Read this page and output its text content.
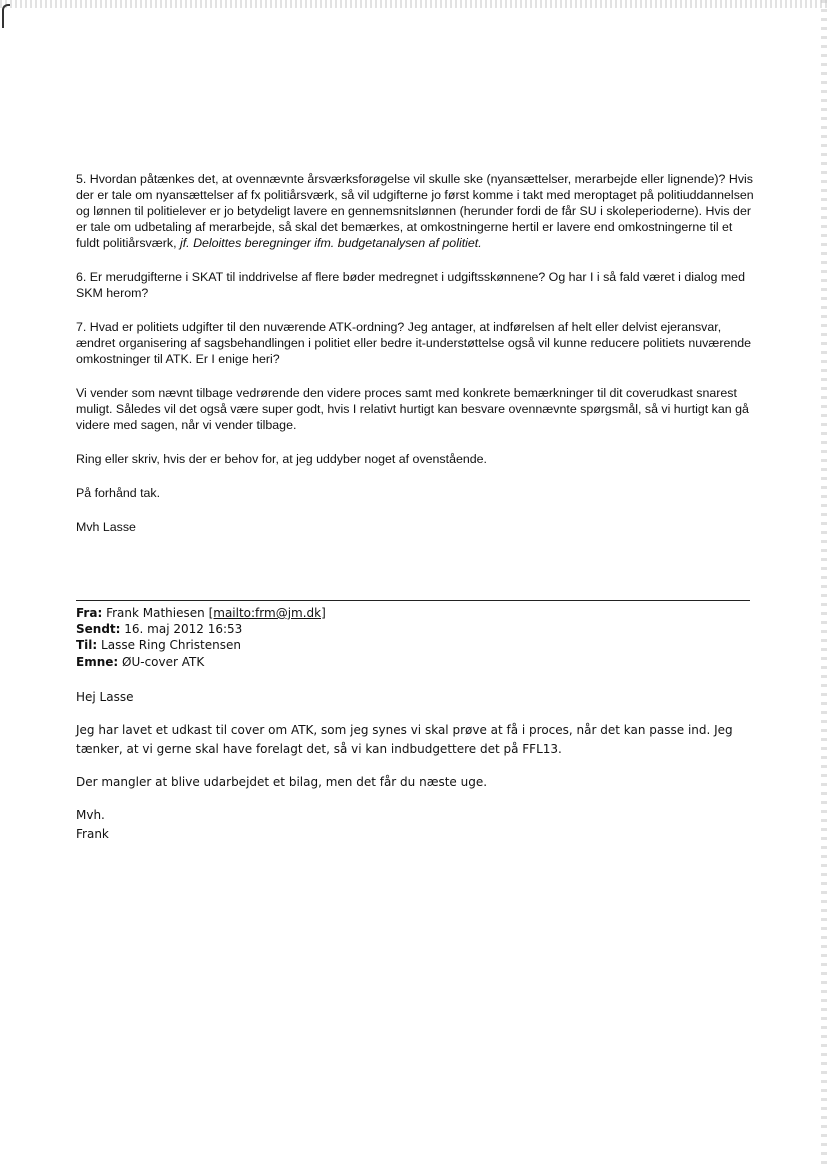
5. Hvordan påtænkes det, at ovennævnte årsværksforøgelse vil skulle ske (nyansættelser, merarbejde eller lignende)? Hvis der er tale om nyansættelser af fx politiårsværk, så vil udgifterne jo først komme i takt med meroptaget på politiuddannelsen og lønnen til politielever er jo betydeligt lavere en gennemsnitslønnen (herunder fordi de får SU i skoleperioderne). Hvis der er tale om udbetaling af merarbejde, så skal det bemærkes, at omkostningerne hertil er lavere end omkostningerne til et fuldt politiårsværk, jf. Deloittes beregninger ifm. budgetanalysen af politiet.

6. Er merudgifterne i SKAT til inddrivelse af flere bøder medregnet i udgiftsskønnene? Og har I i så fald været i dialog med SKM herom?

7. Hvad er politiets udgifter til den nuværende ATK-ordning? Jeg antager, at indførelsen af helt eller delvist ejeransvar, ændret organisering af sagsbehandlingen i politiet eller bedre it-understøttelse også vil kunne reducere politiets nuværende omkostninger til ATK. Er I enige heri?

Vi vender som nævnt tilbage vedrørende den videre proces samt med konkrete bemærkninger til dit coverudkast snarest muligt. Således vil det også være super godt, hvis I relativt hurtigt kan besvare ovennævnte spørgsmål, så vi hurtigt kan gå videre med sagen, når vi vender tilbage.

Ring eller skriv, hvis der er behov for, at jeg uddyber noget af ovenstående.

På forhånd tak.

Mvh Lasse

Fra: Frank Mathiesen [mailto:frm@jm.dk]
Sendt: 16. maj 2012 16:53
Til: Lasse Ring Christensen
Emne: ØU-cover ATK

Hej Lasse

Jeg har lavet et udkast til cover om ATK, som jeg synes vi skal prøve at få i proces, når det kan passe ind. Jeg tænker, at vi gerne skal have forelagt det, så vi kan indbudgettere det på FFL13.

Der mangler at blive udarbejdet et bilag, men det får du næste uge.

Mvh.
Frank
